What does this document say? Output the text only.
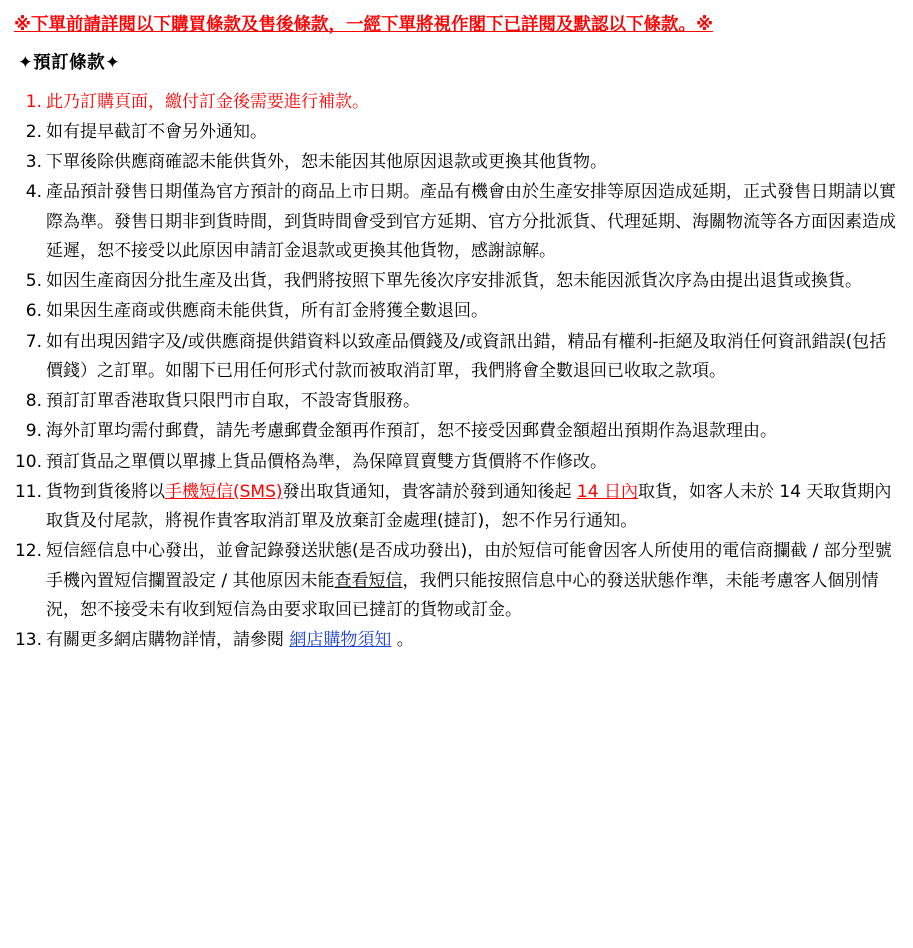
※下單前請詳閱以下購買條款及售後條款，一經下單將視作閣下已詳閱及默認以下條款。※
✦預訂條款✦
1. 此乃訂購頁面，繳付訂金後需要進行補款。
2. 如有提早截訂不會另外通知。
3. 下單後除供應商確認未能供貨外，恕未能因其他原因退款或更換其他貨物。
4. 產品預計發售日期僅為官方預計的商品上市日期。產品有機會由於生產安排等原因造成延期，正式發售日期請以實際為準。發售日期非到貨時間，到貨時間會受到官方延期、官方分批派貨、代理延期、海關物流等各方面因素造成延遲，恕不接受以此原因申請訂金退款或更換其他貨物，感謝諒解。
5. 如因生產商因分批生產及出貨，我們將按照下單先後次序安排派貨，恕未能因派貨次序為由提出退貨或換貨。
6. 如果因生產商或供應商未能供貨，所有訂金將獲全數退回。
7. 如有出現因錯字及/或供應商提供錯資料以致產品價錢及/或資訊出錯，精品有權利-拒絕及取消任何資訊錯誤(包括價錢）之訂單。如閣下已用任何形式付款而被取消訂單，我們將會全數退回已收取之款項。
8. 預訂訂單香港取貨只限門市自取，不設寄貨服務。
9. 海外訂單均需付郵費，請先考慮郵費金額再作預訂，恕不接受因郵費金額超出預期作為退款理由。
10. 預訂貨品之單價以單據上貨品價格為準，為保障買賣雙方貨價將不作修改。
11. 貨物到貨後將以手機短信(SMS)發出取貨通知，貴客請於發到通知後起 14 日內取貨，如客人未於 14 天取貨期內取貨及付尾款，將視作貴客取消訂單及放棄訂金處理(撻訂)，恕不作另行通知。
12. 短信經信息中心發出，並會記錄發送狀態(是否成功發出)，由於短信可能會因客人所使用的電信商攔截 / 部分型號手機內置短信攔置設定 / 其他原因未能查看短信，我們只能按照信息中心的發送狀態作準，未能考慮客人個別情況，恕不接受未有收到短信為由要求取回已撻訂的貨物或訂金。
13. 有關更多網店購物詳情，請參閱 網店購物須知 。
